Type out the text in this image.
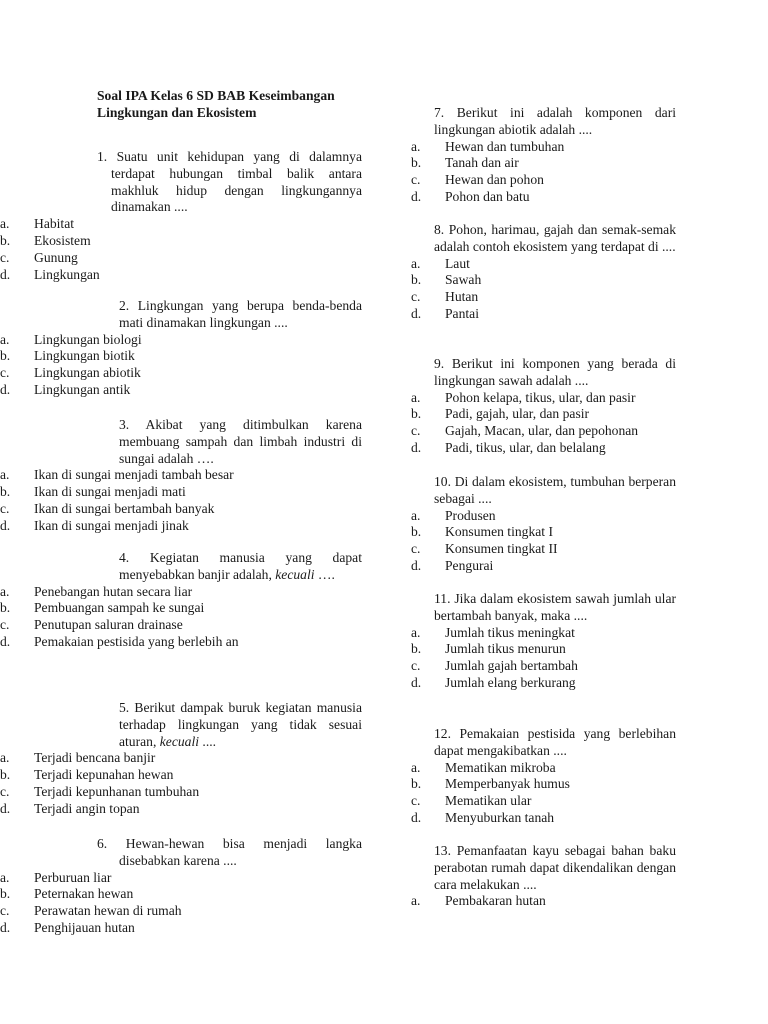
Soal IPA Kelas 6 SD BAB Keseimbangan Lingkungan dan Ekosistem
1. Suatu unit kehidupan yang di dalamnya terdapat hubungan timbal balik antara makhluk hidup dengan lingkungannya dinamakan ....
a. Habitat
b. Ekosistem
c. Gunung
d. Lingkungan
2. Lingkungan yang berupa benda-benda mati dinamakan lingkungan ....
a. Lingkungan biologi
b. Lingkungan biotik
c. Lingkungan abiotik
d. Lingkungan antik
3. Akibat yang ditimbulkan karena membuang sampah dan limbah industri di sungai adalah ….
a. Ikan di sungai menjadi tambah besar
b. Ikan di sungai menjadi mati
c. Ikan di sungai bertambah banyak
d. Ikan di sungai menjadi jinak
4. Kegiatan manusia yang dapat menyebabkan banjir adalah, kecuali ….
a. Penebangan hutan secara liar
b. Pembuangan sampah ke sungai
c. Penutupan saluran drainase
d. Pemakaian pestisida yang berlebih an
5. Berikut dampak buruk kegiatan manusia terhadap lingkungan yang tidak sesuai aturan, kecuali ....
a. Terjadi bencana banjir
b. Terjadi kepunahan hewan
c. Terjadi kepunhanan tumbuhan
d. Terjadi angin topan
6. Hewan-hewan bisa menjadi langka disebabkan karena ....
a. Perburuan liar
b. Peternakan hewan
c. Perawatan hewan di rumah
d. Penghijauan hutan
7. Berikut ini adalah komponen dari lingkungan abiotik adalah ....
a. Hewan dan tumbuhan
b. Tanah dan air
c. Hewan dan pohon
d. Pohon dan batu
8. Pohon, harimau, gajah dan semak-semak adalah contoh ekosistem yang terdapat di ....
a. Laut
b. Sawah
c. Hutan
d. Pantai
9. Berikut ini komponen yang berada di lingkungan sawah adalah ....
a. Pohon kelapa, tikus, ular, dan pasir
b. Padi, gajah, ular, dan pasir
c. Gajah, Macan, ular, dan pepohonan
d. Padi, tikus, ular, dan belalang
10. Di dalam ekosistem, tumbuhan berperan sebagai ....
a. Produsen
b. Konsumen tingkat I
c. Konsumen tingkat II
d. Pengurai
11. Jika dalam ekosistem sawah jumlah ular bertambah banyak, maka ....
a. Jumlah tikus meningkat
b. Jumlah tikus menurun
c. Jumlah gajah bertambah
d. Jumlah elang berkurang
12. Pemakaian pestisida yang berlebihan dapat mengakibatkan ....
a. Mematikan mikroba
b. Memperbanyak humus
c. Mematikan ular
d. Menyuburkan tanah
13. Pemanfaatan kayu sebagai bahan baku perabotan rumah dapat dikendalikan dengan cara melakukan ....
a. Pembakaran hutan
